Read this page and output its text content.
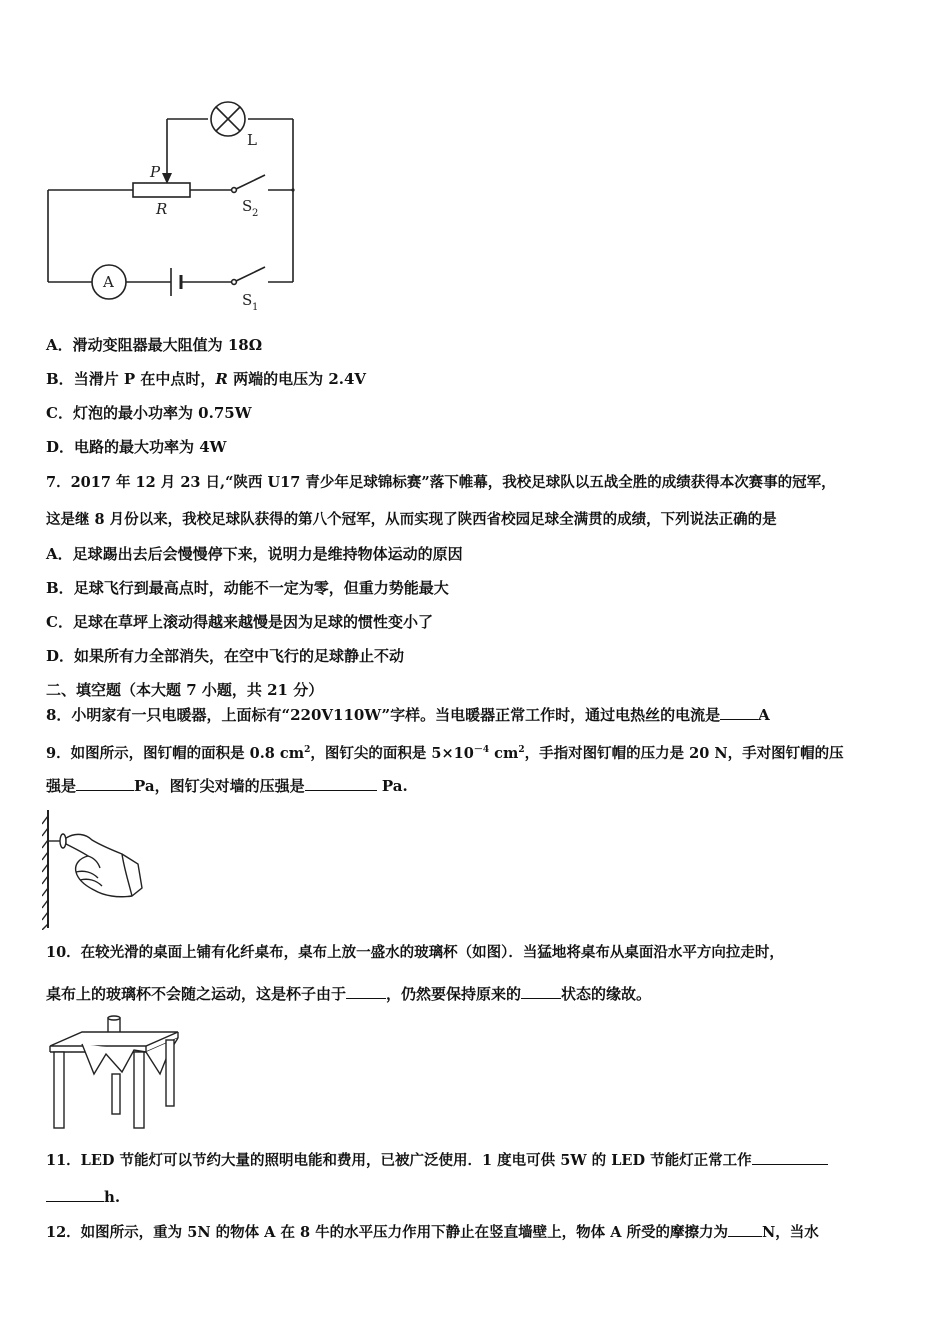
L
P
R	S 2
A
S 1
A．滑动变阻器最大阻值为 18Ω
B．当滑片 P 在中点时，R 两端的电压为 2.4V
C．灯泡的最小功率为 0.75W
D．电路的最大功率为 4W
7．2017 年 12 月 23 日,“陕西 U17 青少年足球锦标赛”落下帷幕，我校足球队以五战全胜的成绩获得本次赛事的冠军，
这是继 8 月份以来，我校足球队获得的第八个冠军，从而实现了陕西省校园足球全满贯的成绩，下列说法正确的是
A．足球踢出去后会慢慢停下来，说明力是维持物体运动的原因
B．足球飞行到最高点时，动能不一定为零，但重力势能最大
C．足球在草坪上滚动得越来越慢是因为足球的惯性变小了
D．如果所有力全部消失，在空中飞行的足球静止不动
二、填空题（本大题 7 小题，共 21 分）
8．小明家有一只电暖器，上面标有“220V110W”字样。当电暖器正常工作时，通过电热丝的电流是	A
9．如图所示，图钉帽的面积是 0.8 $cm^2$，图钉尖的面积是 $5\times 10^{-4}$ $cm^2$，手指对图钉帽的压力是 20 N，手对图钉帽的压
强是	Pa，图钉尖对墙的压强是	Pa.
10．在较光滑的桌面上铺有化纤桌布，桌布上放一盛水的玻璃杯（如图）．当猛地将桌布从桌面沿水平方向拉走时，
桌布上的玻璃杯不会随之运动，这是杯子由于	，仍然要保持原来的	状态的缘故。
11．LED 节能灯可以节约大量的照明电能和费用，已被广泛使用．1 度电可供 5W 的 LED 节能灯正常工作
h.
12．如图所示，重为 5N 的物体 A 在 8 牛的水平压力作用下静止在竖直墙壁上，物体 A 所受的摩擦力为 N，当水
